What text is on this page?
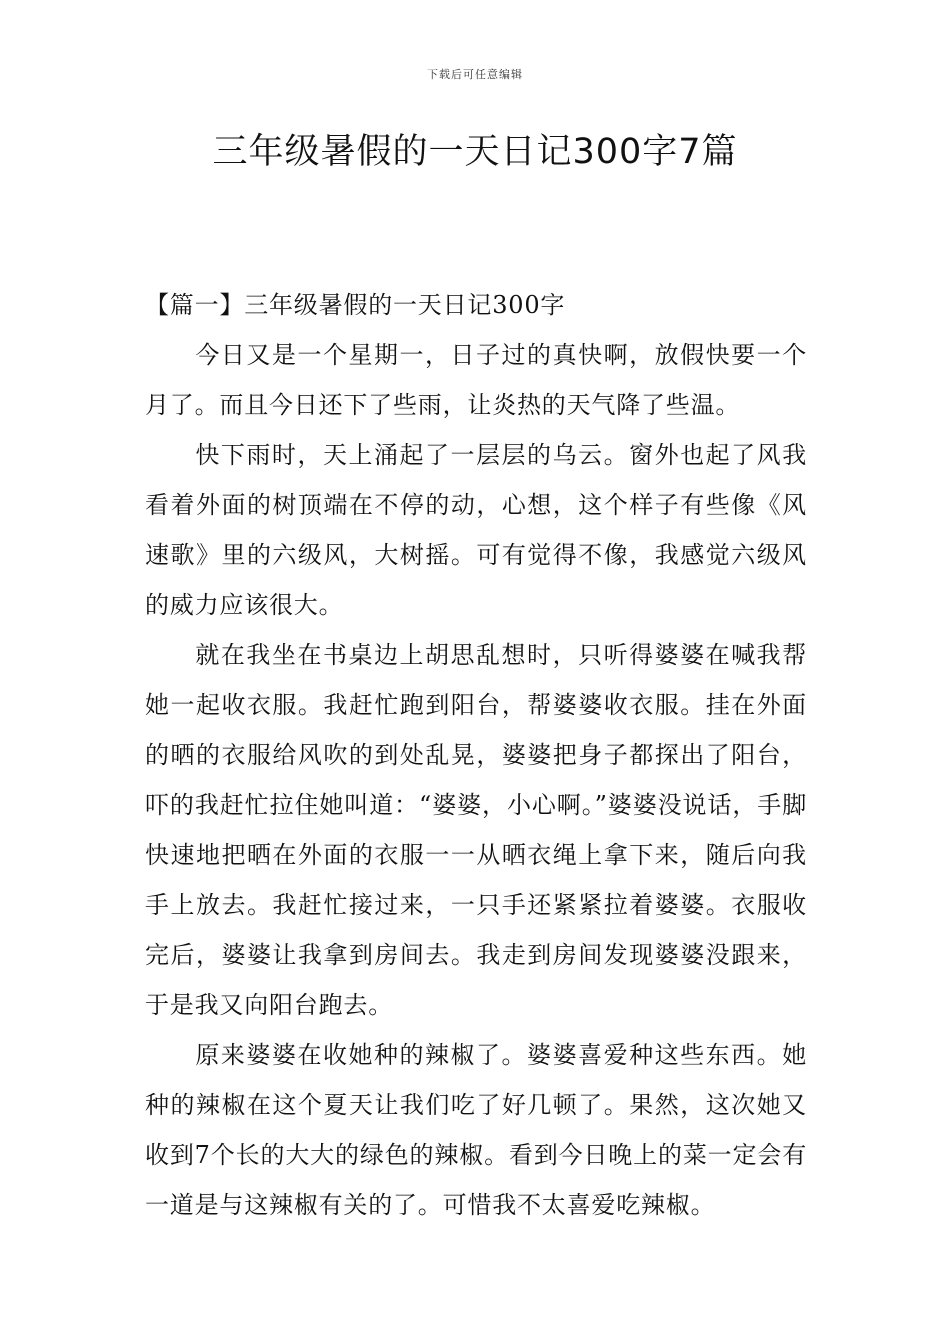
下载后可任意编辑
三年级暑假的一天日记300字7篇
【篇一】三年级暑假的一天日记300字

今日又是一个星期一，日子过的真快啊，放假快要一个月了。而且今日还下了些雨，让炎热的天气降了些温。

快下雨时，天上涌起了一层层的乌云。窗外也起了风我看着外面的树顶端在不停的动，心想，这个样子有些像《风速歌》里的六级风，大树摇。可有觉得不像，我感觉六级风的威力应该很大。

就在我坐在书桌边上胡思乱想时，只听得婆婆在喊我帮她一起收衣服。我赶忙跑到阳台，帮婆婆收衣服。挂在外面的晒的衣服给风吹的到处乱晃，婆婆把身子都探出了阳台，吓的我赶忙拉住她叫道：“婆婆，小心啊。”婆婆没说话，手脚快速地把晒在外面的衣服一一从晒衣绳上拿下来，随后向我手上放去。我赶忙接过来，一只手还紧紧拉着婆婆。衣服收完后，婆婆让我拿到房间去。我走到房间发现婆婆没跟来，于是我又向阳台跑去。

原来婆婆在收她种的辣椒了。婆婆喜爱种这些东西。她种的辣椒在这个夏天让我们吃了好几顿了。果然，这次她又收到7个长的大大的绿色的辣椒。看到今日晚上的菜一定会有一道是与这辣椒有关的了。可惜我不太喜爱吃辣椒。
